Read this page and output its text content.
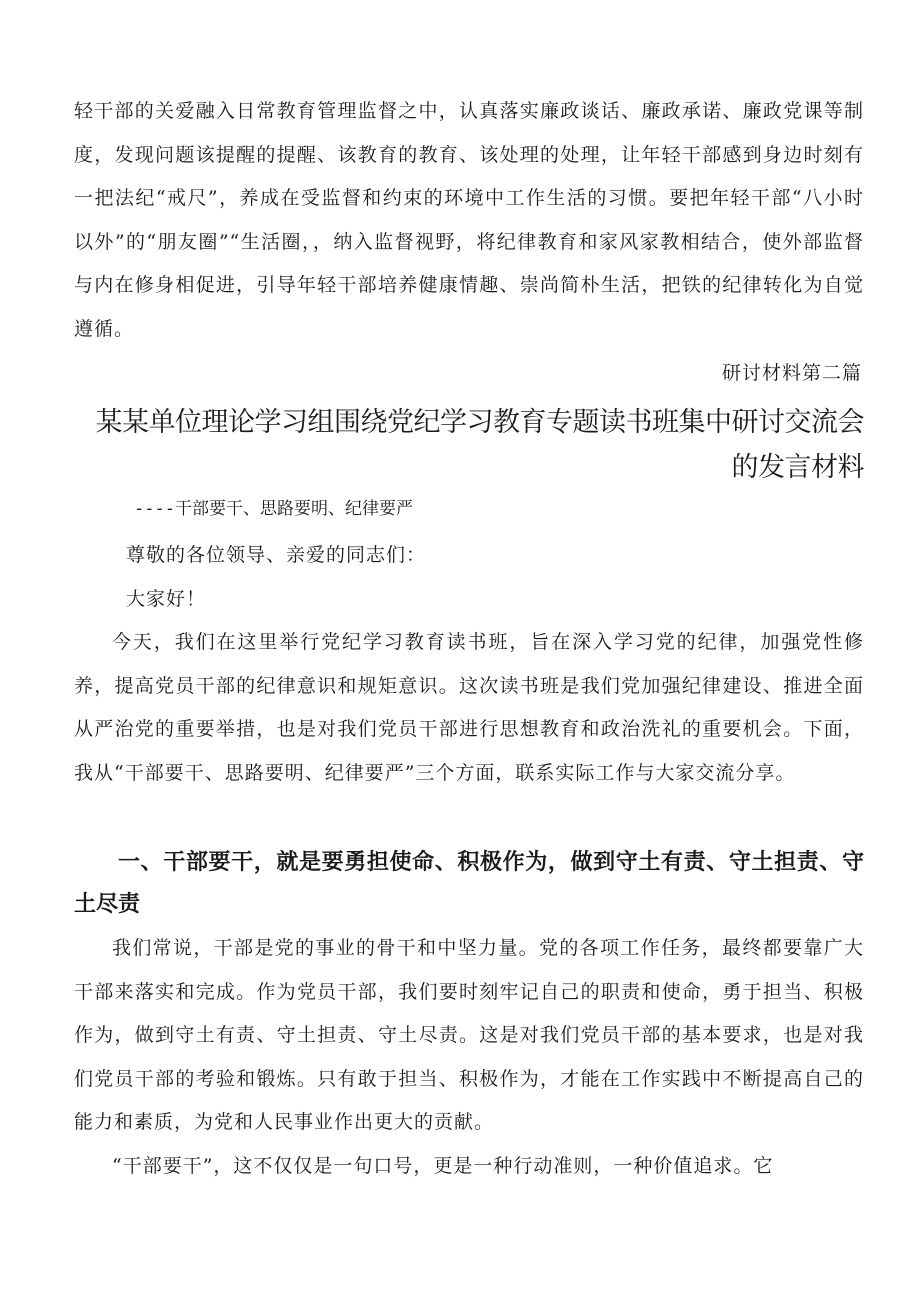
轻干部的关爱融入日常教育管理监督之中，认真落实廉政谈话、廉政承诺、廉政党课等制度，发现问题该提醒的提醒、该教育的教育、该处理的处理，让年轻干部感到身边时刻有一把法纪“戒尺”，养成在受监督和约束的环境中工作生活的习惯。要把年轻干部“八小时以外”的“朋友圈”“生活圈，，纳入监督视野，将纪律教育和家风家教相结合，使外部监督与内在修身相促进，引导年轻干部培养健康情趣、崇尚简朴生活，把铁的纪律转化为自觉遵循。

研讨材料第二篇

某某单位理论学习组围绕党纪学习教育专题读书班集中研讨交流会的发言材料

----干部要干、思路要明、纪律要严

尊敬的各位领导、亲爱的同志们：

大家好！

今天，我们在这里举行党纪学习教育读书班，旨在深入学习党的纪律，加强党性修养，提高党员干部的纪律意识和规矩意识。这次读书班是我们党加强纪律建设、推进全面从严治党的重要举措，也是对我们党员干部进行思想教育和政治洗礼的重要机会。下面，我从“干部要干、思路要明、纪律要严”三个方面，联系实际工作与大家交流分享。

一、干部要干，就是要勇担使命、积极作为，做到守土有责、守土担责、守土尽责

我们常说，干部是党的事业的骨干和中坚力量。党的各项工作任务，最终都要靠广大干部来落实和完成。作为党员干部，我们要时刻牢记自己的职责和使命，勇于担当、积极作为，做到守土有责、守土担责、守土尽责。这是对我们党员干部的基本要求，也是对我们党员干部的考验和锻炼。只有敢于担当、积极作为，才能在工作实践中不断提高自己的能力和素质，为党和人民事业作出更大的贡献。

“干部要干”，这不仅仅是一句口号，更是一种行动准则，一种价值追求。它
